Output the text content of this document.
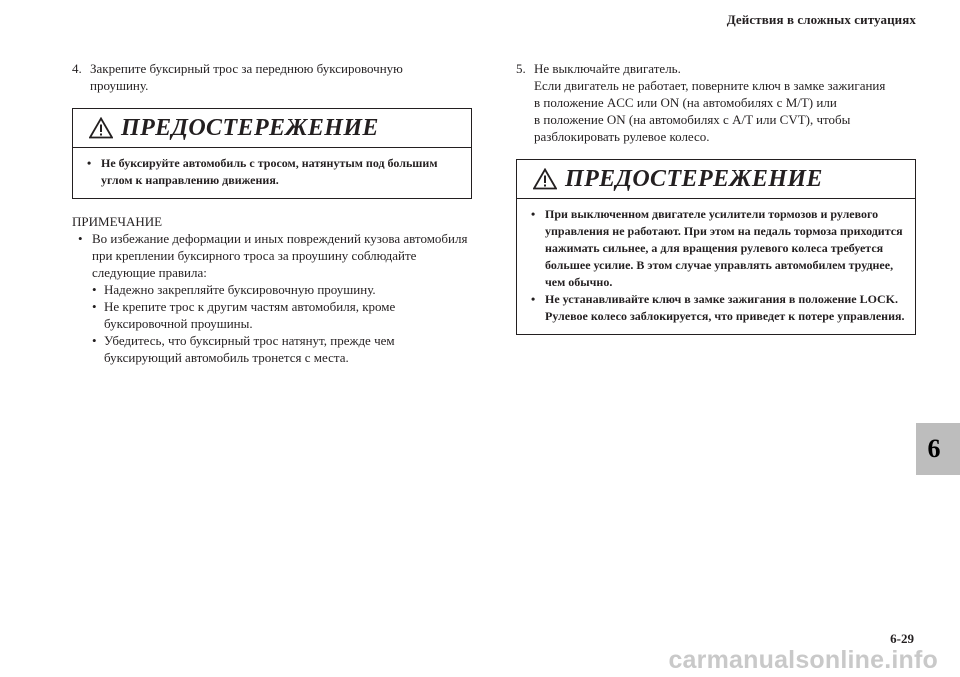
Действия в сложных ситуациях
4. Закрепите буксирный трос за переднюю буксировочную
проушину.
ПРЕДОСТЕРЕЖЕНИЕ
• Не буксируйте автомобиль с тросом, натянутым под большим углом к направлению движения.
ПРИМЕЧАНИЕ
• Во избежание деформации и иных повреждений кузова автомобиля при креплении буксирного троса за проушину соблюдайте следующие правила:
• Надежно закрепляйте буксировочную проушину.
• Не крепите трос к другим частям автомобиля, кроме буксировочной проушины.
• Убедитесь, что буксирный трос натянут, прежде чем буксирующий автомобиль тронется с места.
5. Не выключайте двигатель.
Если двигатель не работает, поверните ключ в замке зажигания
в положение ACC или ON (на автомобилях с M/T) или
в положение ON (на автомобилях с A/T или CVT), чтобы
разблокировать рулевое колесо.
ПРЕДОСТЕРЕЖЕНИЕ
• При выключенном двигателе усилители тормозов и рулевого управления не работают. При этом на педаль тормоза приходится нажимать сильнее, а для вращения рулевого колеса требуется большее усилие. В этом случае управлять автомобилем труднее, чем обычно.
• Не устанавливайте ключ в замке зажигания в положение LOCK. Рулевое колесо заблокируется, что приведет к потере управления.
6
6-29
carmanualsonline.info
